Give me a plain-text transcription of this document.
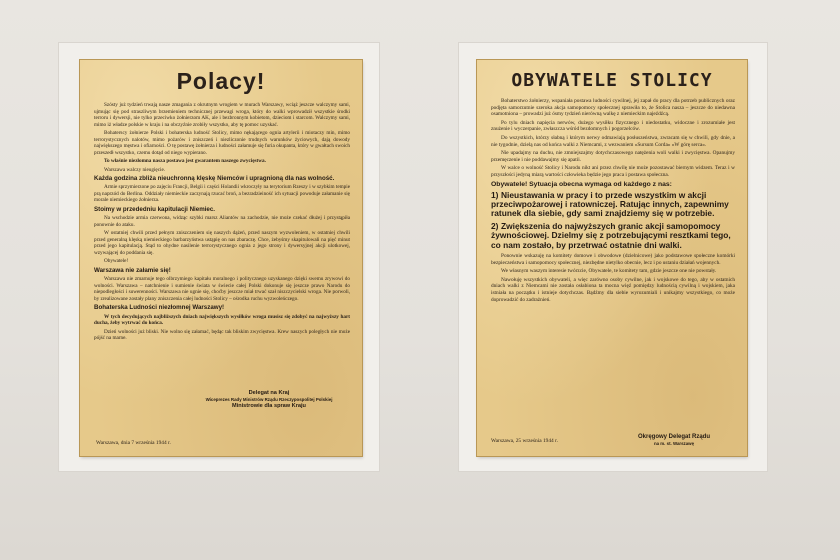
Polacy!

Szósty już tydzień trwają nasze zmagania z okrutnym wrogiem w murach Warszawy, wciąż jeszcze walczymy sami, ujmując się pod straszliwym brzemieniem technicznej przewagi wroga, który do walki wprowadził wszystkie środki terroru i dywersji, nie tylko przeciwko żołnierzom AK, ale i bezbronnym kobietom, dzieciom i starcom. Walczymy sami, mimo iż władze polskie w kraju i na obczyźnie zrobiły wszystko, aby tę pomoc uzyskać.

Bohaterscy żołnierze Polski i bohaterska ludność Stolicy, mimo nękającego ognia artylerii i miotaczy min, mimo terrorystycznych nalotów, mimo pożarów i zniszczeń i niezliczonie trudnych warunków życiowych, dają dowody największego męstwa i ofiarności. O tę postawę żołnierza i ludności załamuje się furia okupanta, który w gwałtach swoich przeszedł wszystko, czemu dotąd od niego wypierano.

To właśnie niezłomna nasza postawa jest gwarantem naszego zwycięstwa.

Warszawa walczy nieugięcie.

Każda godzina zbliża nieuchronną klęskę Niemców i upragnioną dla nas wolność.

Armie sprzymierzone po zajęciu Francji, Belgii i części Holandii wkroczyły na terytorium Rzeszy i w szybkim tempie prą naprzód do Berlina. Oddziały niemieckie zaczynają rzucać broń, a bezradzieiność ich sytuacji powoduje załamanie się morale niemieckiego żołnierza.

Stoimy w przededniu kapitulacji Niemiec.

Na wschodzie armia czerwona, widząc szybki marsz Aliantów na zachodzie, nie może czekać dłużej i przystąpiła ponownie do ataku.

W ostatniej chwili przed pełnym zniszczeniem się naszych dążeń, przed naszym wyzwoleniem, w ostatniej chwili przed generalną klęską niemieckiego barbarzyństwa ustąpię on nas zbaraczę. Chce, żebyśmy skapitulowali na pięć minut przed jego kapitulacją. Stąd to ohydne nasilenie terrorystycznego ognia z jego strony i dywersyjnej akcji ulotkowej, wzywającej do poddania się.

Obywatele!

Warszawa nie załamie się!

Warszawa nie zmarnuje tego olbrzymiego kapitału moralnego i politycznego uzyskanego dzięki swemu zrywowi do wolności. Warszawa – natchnienie i sumienie świata w świecie całej Polski dokonuje się jeszcze prawo Narodu do niepodległości i suwerenności. Warszawa nie ugnie się, choćby jeszcze miał trwać szał niszczycielski wroga. Nie porwoli, by zrealizowane zostały plany zniszczenia całej ludności Stolicy – ośrodka ruchu wyzwoleńczego.

Bohaterska Ludności niezłomnej Warszawy!

W tych decydujących najbliższych dniach największych wysiłków wroga musisz się zdobyć na najwyższy hart ducha, żeby wytrwać do końca.

Dzień wolności już bliski. Nie wolno się załamać, będąc tak bliskim zwycięstwa. Krew naszych poległych nie może pójść na marne.

Delegat na Kraj
Wiceprezes Rady Ministrów Rządu Rzeczypospolitej Polskiej
Ministrowie dla spraw Kraju
Warszawa, dnia 7 września 1944 r.
OBYWATELE STOLICY

Bohaterstwo żołnierzy, wspaniała postawa ludności cywilnej, jej zapał do pracy dla potrzeb publicznych oraz podjęta samorzutnie szeroka akcja samopomocy społecznej sprawiła to, że Stolica nasza – jeszcze do niedawna osamotniona – prowadzi już ósmy tydzień nierówną walkę z niemieckim najeźdźcą.

Po tylu dniach napięcia nerwów, dużego wysiłku fizycznego i niedostatku, widoczne i zrozumiałe jest znużenie i wyczerpanie, zwłaszcza wśród bezdomnych i pogorzelców.

Do wszystkich, którzy słabną i którym nerwy odmawiają posłuszeństwa, zwracam się w chwili, gdy dnie, a nie tygodnie, dzielą nas od końca walki z Niemcami, z wezwaniem «Sursum Corda» «W górę serca».

Nie upadajmy na duchu, nie zmniejszajmy dotychczasowego natężenia woli walki i zwycięstwa. Opanujmy przemęczenie i nie poddawajmy się apatii.

W walce o wolność Stolicy i Narodu nikt ani przez chwilę nie może pozostawać biernym widzem. Teraz i w przyszłości jedyną miarą wartości człowieka będzie jego praca i postawa społeczna.

Obywatele! Sytuacja obecna wymaga od każdego z nas:
1) Nieustawania w pracy i to przede wszystkim w akcji przeciwpożarowej i ratowniczej. Ratując innych, zapewnimy ratunek dla siebie, gdy sami znajdziemy się w potrzebie.
2) Zwiększenia do najwyższych granic akcji samopomocy żywnościowej. Dzielmy się z potrzebującymi resztkami tego, co nam zostało, by przetrwać ostatnie dni walki.

Ponownie wskazuję na komitety domowe i obwodowe (dzielnicowe) jako podstawowe społeczne komórki bezpieczeństwa i samopomocy społecznej, niezbędne nietylko obecnie, lecz i po ustaniu działań wojennych.

We własnym waszym interesie twórzcie, Obywatele, te komitety tam, gdzie jeszcze one nie powstały.

Nawołuję wszystkich obywateli, a więc zarówno osoby cywilne, jak i wojskowe do tego, aby w ostatnich dniach walki z Niemcami nie została osłabiona ta mocna więź pomiędzy ludnością cywilną i wojskiem, jaka istniała na początku i istnieje dotychczas. Bądźmy dla siebie wyrozumiali i unikajmy wszystkiego, co może doprowadzić do zadrażnień.

Okręgowy Delegat Rządu
na m. st. Warszawę
Warszawa, 25 września 1944 r.
